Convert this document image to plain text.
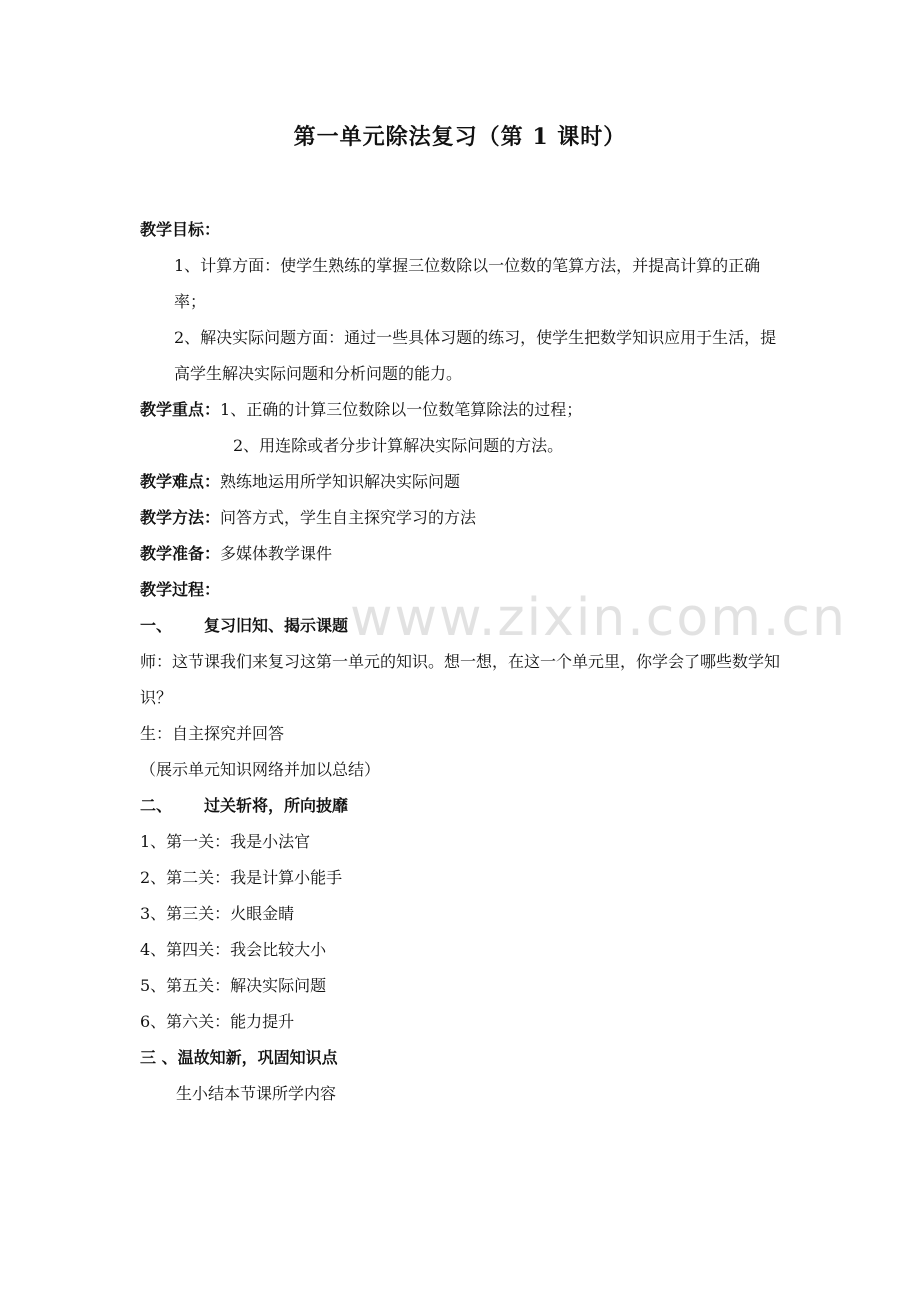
第一单元除法复习（第 1 课时）
www.zixin.com.cn
教学目标：
1、计算方面：使学生熟练的掌握三位数除以一位数的笔算方法，并提高计算的正确率；
2、解决实际问题方面：通过一些具体习题的练习，使学生把数学知识应用于生活，提高学生解决实际问题和分析问题的能力。
教学重点：1、正确的计算三位数除以一位数笔算除法的过程；
2、用连除或者分步计算解决实际问题的方法。
教学难点：熟练地运用所学知识解决实际问题
教学方法：问答方式，学生自主探究学习的方法
教学准备：多媒体教学课件
教学过程：
一、 复习旧知、揭示课题
师：这节课我们来复习这第一单元的知识。想一想，在这一个单元里，你学会了哪些数学知识？
生：自主探究并回答
（展示单元知识网络并加以总结）
二、 过关斩将，所向披靡
1、第一关：我是小法官
2、第二关：我是计算小能手
3、第三关：火眼金睛
4、第四关：我会比较大小
5、第五关：解决实际问题
6、第六关：能力提升
三 、温故知新，巩固知识点
生小结本节课所学内容
